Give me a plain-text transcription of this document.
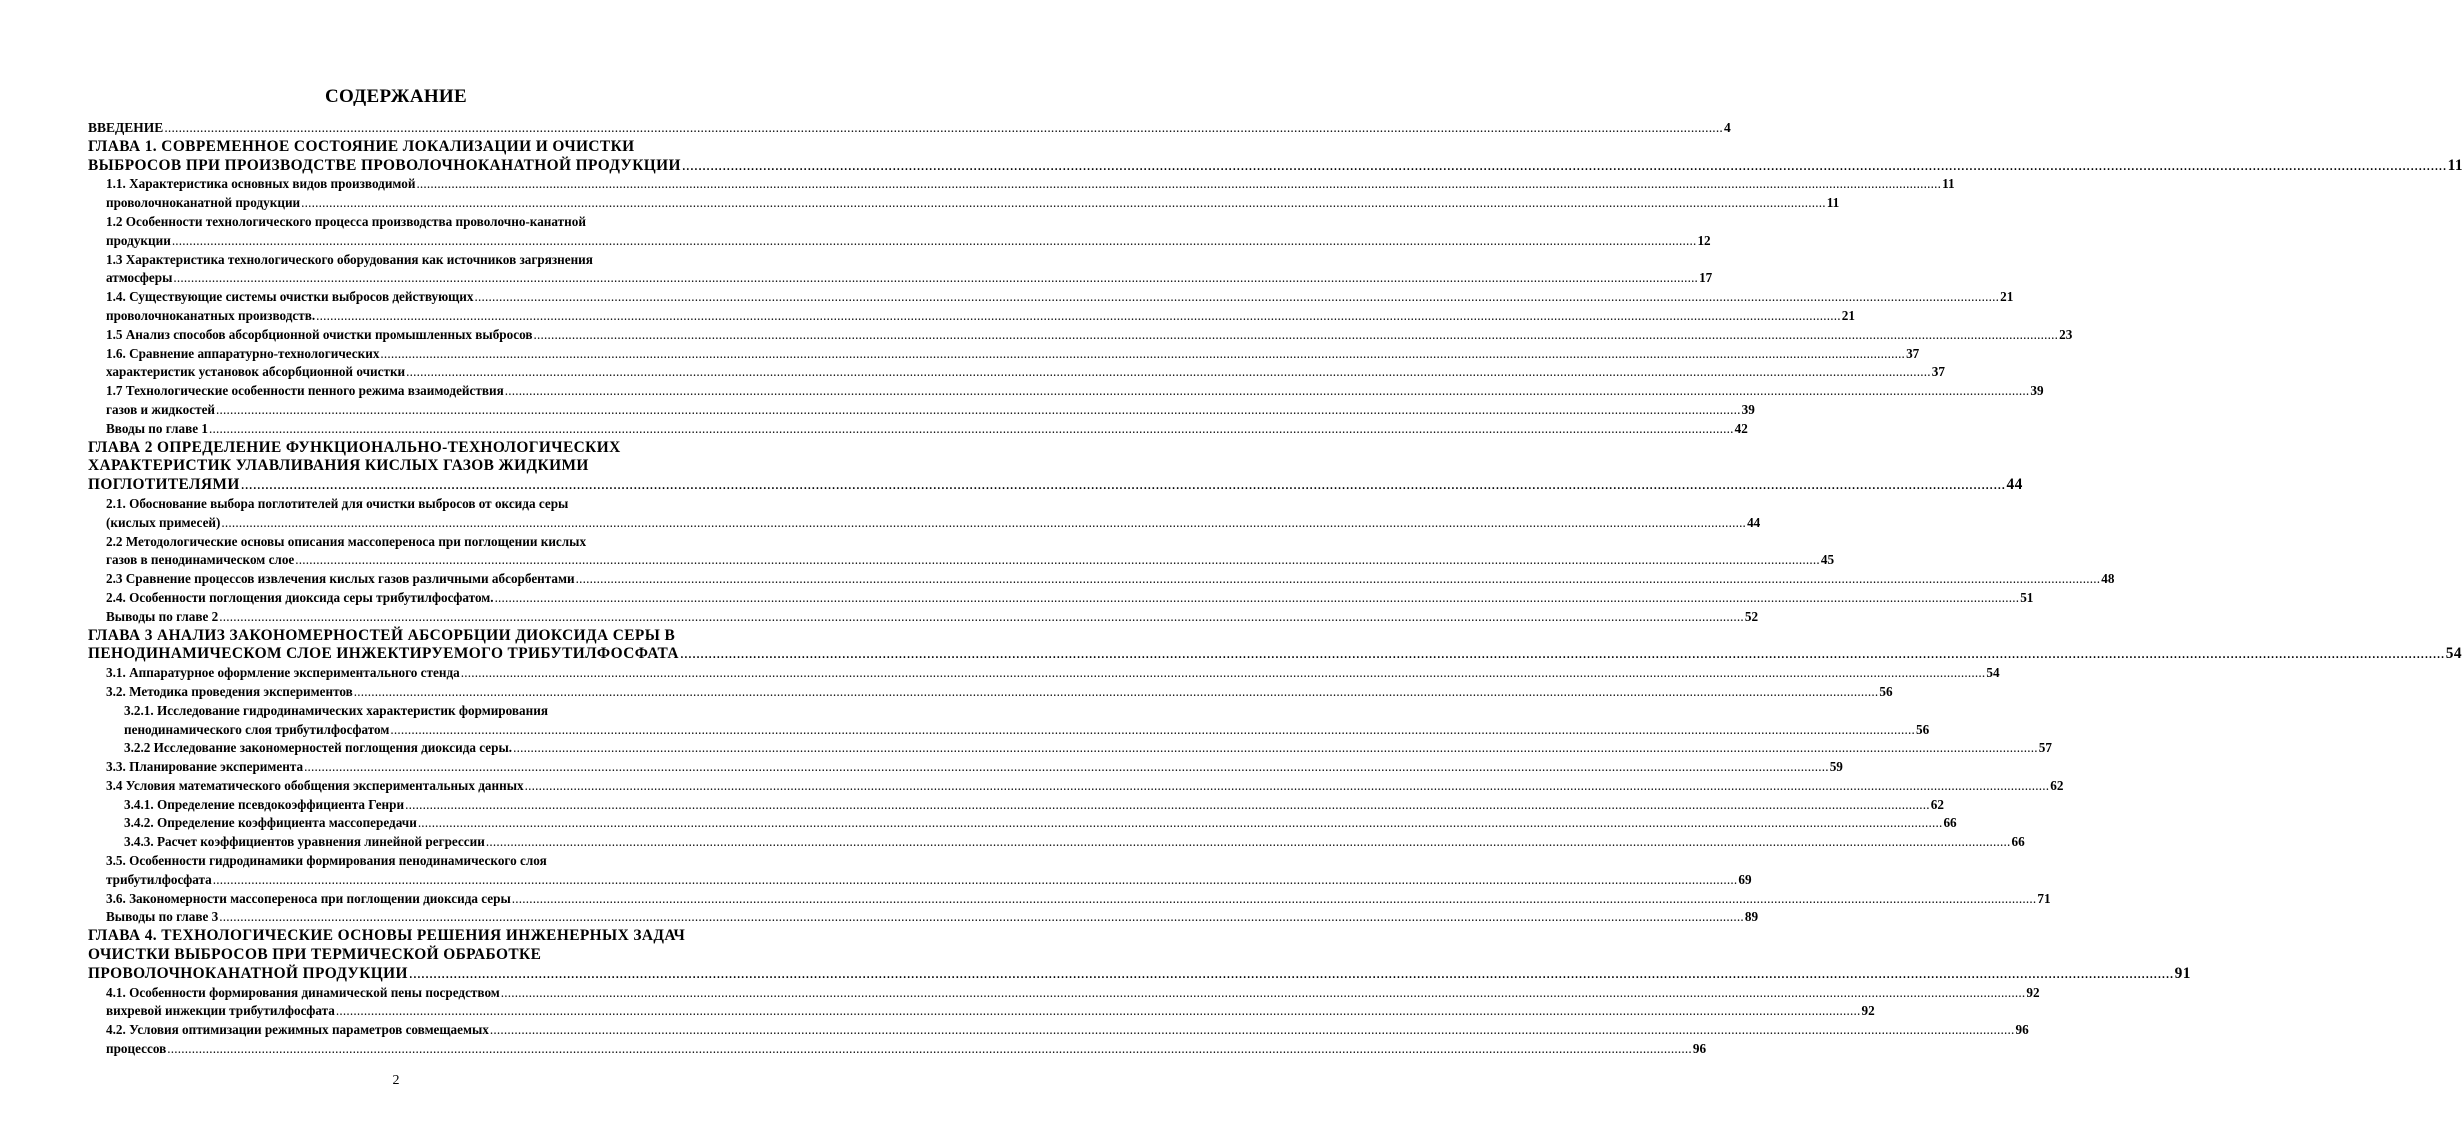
СОДЕРЖАНИЕ
ВВЕДЕНИЕ .....	4
ГЛАВА 1. СОВРЕМЕННОЕ СОСТОЯНИЕ ЛОКАЛИЗАЦИИ И ОЧИСТКИ
ВЫБРОСОВ ПРИ ПРОИЗВОДСТВЕ ПРОВОЛОЧНОКАНАТНОЙ ПРОДУКЦИИ .....	11
1.1. Характеристика основных видов производимой .....	11
проволочноканатной продукции .....	11
1.2 Особенности технологического процесса производства проволочно-канатной
продукции .....	12
1.3 Характеристика технологического оборудования как источников загрязнения
атмосферы .....	17
1.4. Существующие системы очистки выбросов действующих .....	21
проволочноканатных производств. .....	21
1.5 Анализ способов абсорбционной очистки промышленных выбросов .....	23
1.6. Сравнение аппаратурно-технологических .....	37
характеристик установок абсорбционной очистки .....	37
1.7 Технологические особенности пенного режима взаимодействия .....	39
газов и жидкостей .....	39
Вводы по главе 1 .....	42
ГЛАВА 2 ОПРЕДЕЛЕНИЕ ФУНКЦИОНАЛЬНО-ТЕХНОЛОГИЧЕСКИХ
ХАРАКТЕРИСТИК УЛАВЛИВАНИЯ КИСЛЫХ ГАЗОВ ЖИДКИМИ
ПОГЛОТИТЕЛЯМИ .....	44
2.1. Обоснование выбора поглотителей для очистки выбросов от оксида серы
(кислых примесей) .....	44
2.2 Методологические основы описания массопереноса при поглощении кислых
газов в пенодинамическом слое .....	45
2.3 Сравнение процессов извлечения кислых газов различными абсорбентами .....	48
2.4. Особенности поглощения диоксида серы трибутилфосфатом. .....	51
Выводы по главе 2 .....	52
ГЛАВА 3 АНАЛИЗ ЗАКОНОМЕРНОСТЕЙ АБСОРБЦИИ ДИОКСИДА СЕРЫ В
ПЕНОДИНАМИЧЕСКОМ СЛОЕ ИНЖЕКТИРУЕМОГО ТРИБУТИЛФОСФАТА .....	54
3.1. Аппаратурное оформление экспериментального стенда .....	54
3.2. Методика проведения экспериментов .....	56
3.2.1. Исследование гидродинамических характеристик формирования
пенодинамического слоя трибутилфосфатом .....	56
3.2.2 Исследование закономерностей поглощения диоксида серы. .....	57
3.3. Планирование эксперимента .....	59
3.4 Условия математического обобщения экспериментальных данных .....	62
3.4.1. Определение псевдокоэффициента Генри .....	62
3.4.2. Определение коэффициента массопередачи .....	66
3.4.3. Расчет коэффициентов уравнения линейной регрессии .....	66
3.5. Особенности гидродинамики формирования пенодинамического слоя
трибутилфосфата .....	69
3.6. Закономерности массопереноса при поглощении диоксида серы .....	71
Выводы по главе 3 .....	89
ГЛАВА 4. ТЕХНОЛОГИЧЕСКИЕ ОСНОВЫ РЕШЕНИЯ ИНЖЕНЕРНЫХ ЗАДАЧ
ОЧИСТКИ ВЫБРОСОВ ПРИ ТЕРМИЧЕСКОЙ ОБРАБОТКЕ
ПРОВОЛОЧНОКАНАТНОЙ ПРОДУКЦИИ .....	91
4.1. Особенности формирования динамической пены посредством .....	92
вихревой инжекции трибутилфосфата .....	92
4.2. Условия оптимизации режимных параметров совмещаемых .....	96
процессов .....	96
2
